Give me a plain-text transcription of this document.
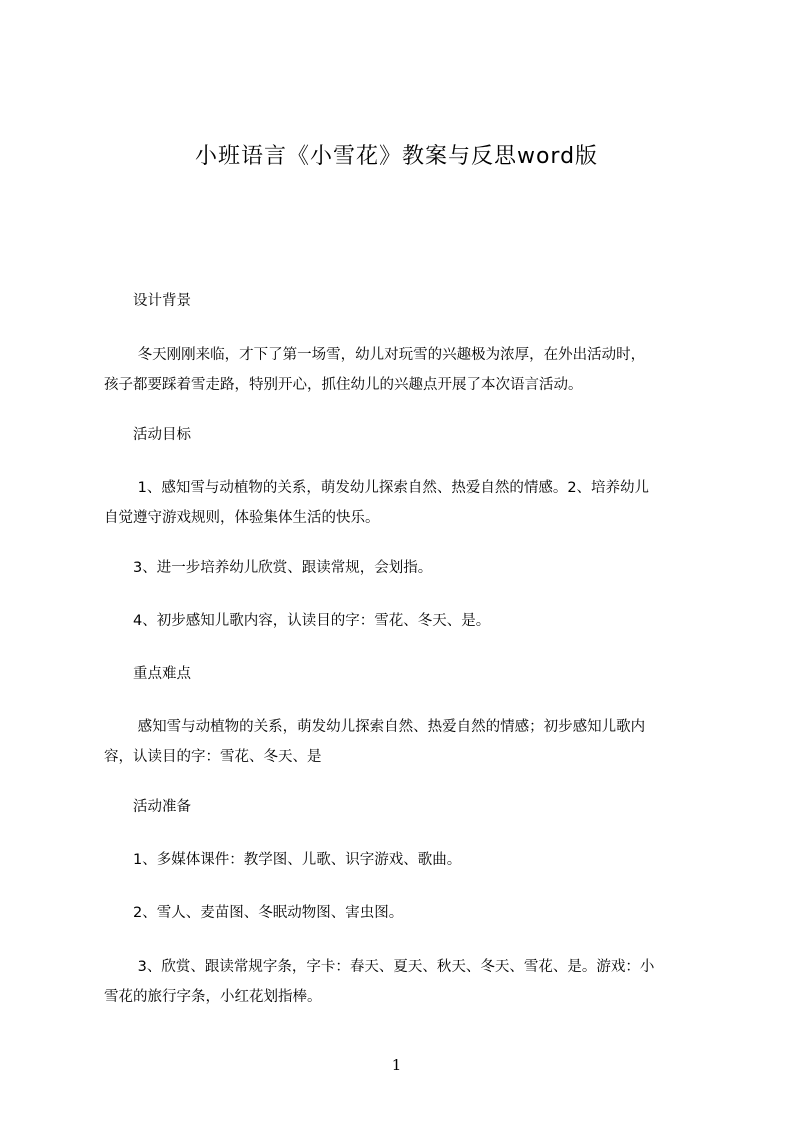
小班语言《小雪花》教案与反思word版
　　设计背景
　　 冬天刚刚来临，才下了第一场雪，幼儿对玩雪的兴趣极为浓厚，在外出活动时，
孩子都要踩着雪走路，特别开心，抓住幼儿的兴趣点开展了本次语言活动。
　　活动目标
　　 1、感知雪与动植物的关系，萌发幼儿探索自然、热爱自然的情感。2、培养幼儿
自觉遵守游戏规则，体验集体生活的快乐。
　　3、进一步培养幼儿欣赏、跟读常规，会划指。
　　4、初步感知儿歌内容，认读目的字：雪花、冬天、是。
　　重点难点
　　 感知雪与动植物的关系，萌发幼儿探索自然、热爱自然的情感；初步感知儿歌内
容，认读目的字：雪花、冬天、是
　　活动准备
　　1、多媒体课件：教学图、儿歌、识字游戏、歌曲。
　　2、雪人、麦苗图、冬眠动物图、害虫图。
　　 3、欣赏、跟读常规字条，字卡：春天、夏天、秋天、冬天、雪花、是。游戏：小
雪花的旅行字条，小红花划指棒。
1
